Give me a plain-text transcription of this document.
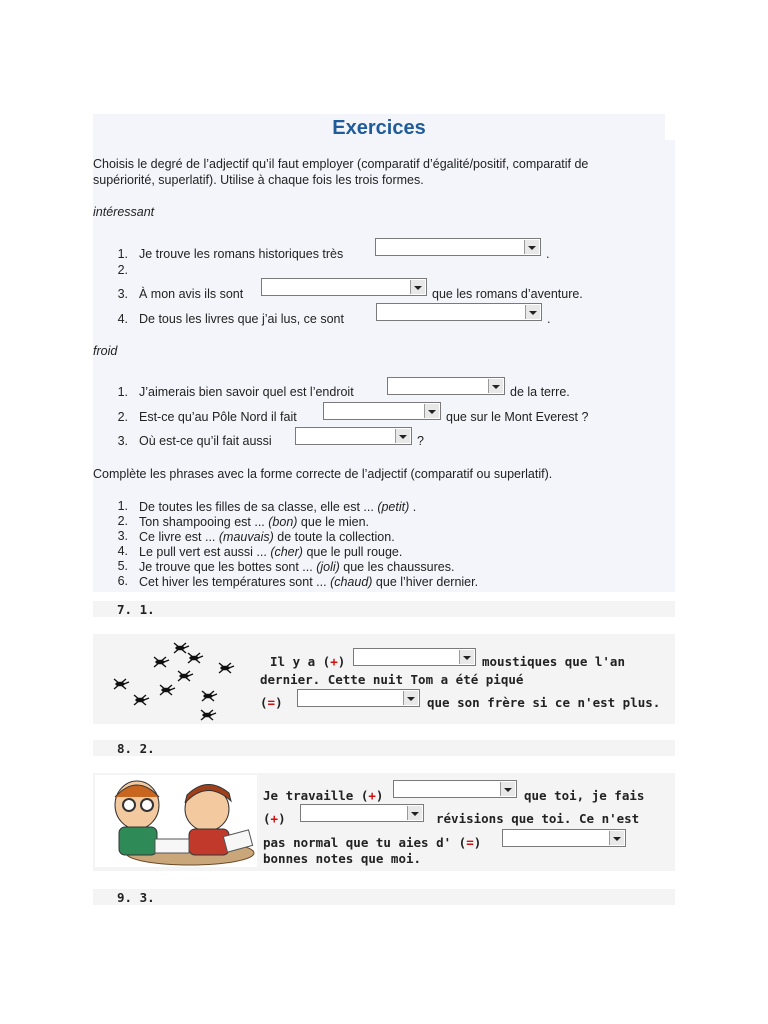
Exercices
Choisis le degré de l’adjectif qu’il faut employer (comparatif d’égalité/positif, comparatif de
supériorité, superlatif). Utilise à chaque fois les trois formes.
intéressant
1. Je trouve les romans historiques très	.
2.
3. À mon avis ils sont	que les romans d’aventure.
4. De tous les livres que j’ai lus, ce sont	.
froid
1. J’aimerais bien savoir quel est l’endroit	de la terre.
2. Est-ce qu’au Pôle Nord il fait	que sur le Mont Everest ?
3. Où est-ce qu’il fait aussi	?
Complète les phrases avec la forme correcte de l’adjectif (comparatif ou superlatif).
1. De toutes les filles de sa classe, elle est ... (petit) .
2. Ton shampooing est ... (bon) que le mien.
3. Ce livre est ... (mauvais) de toute la collection.
4. Le pull vert est aussi ... (cher) que le pull rouge.
5. Je trouve que les bottes sont ... (joli) que les chaussures.
6. Cet hiver les températures sont ... (chaud) que l’hiver dernier.
7. 1.
Il y a (+)	moustiques que l'an
dernier. Cette nuit Tom a été piqué
(=)	que son frère si ce n'est plus.
8. 2.
Je travaille (+)	que toi, je fais
(+)	révisions que toi. Ce n'est
pas normal que tu aies d' (=)
bonnes notes que moi.
9. 3.
